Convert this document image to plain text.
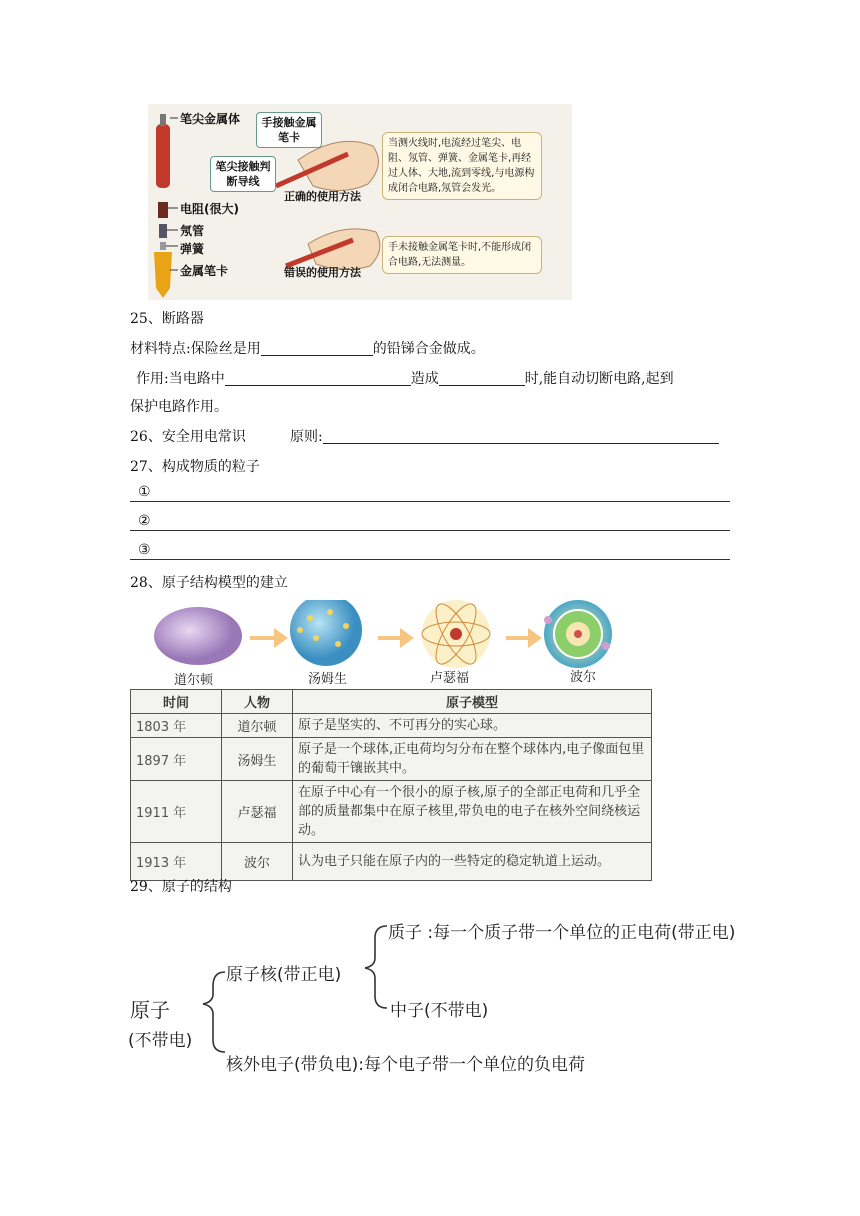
笔尖金属体
电阻(很大)
氖管
弹簧
金属笔卡
手接触金属笔卡
笔尖接触判断导线
正确的使用方法
错误的使用方法
当测火线时,电流经过笔尖、电阻、氖管、弹簧、金属笔卡,再经过人体、大地,流到零线,与电源构成闭合电路,氖管会发光。
手未接触金属笔卡时,不能形成闭合电路,无法测量。
25、断路器
材料特点:保险丝是用	的铅锑合金做成。
作用:当电路中	造成	时,能自动切断电路,起到
保护电路作用。
26、安全用电常识	原则:
27、构成物质的粒子
①
②
③
28、原子结构模型的建立
道尔顿	汤姆生	卢瑟福	波尔
时间	人物	原子模型
1803 年	道尔顿	原子是坚实的、不可再分的实心球。
1897 年	汤姆生	原子是一个球体,正电荷均匀分布在整个球体内,电子像面包里的葡萄干镶嵌其中。
1911 年	卢瑟福	在原子中心有一个很小的原子核,原子的全部正电荷和几乎全部的质量都集中在原子核里,带负电的电子在核外空间绕核运动。
1913 年	波尔	认为电子只能在原子内的一些特定的稳定轨道上运动。
29、原子的结构
原子
(不带电)
原子核(带正电)
质子 :每一个质子带一个单位的正电荷(带正电)
中子(不带电)
核外电子(带负电):每个电子带一个单位的负电荷
